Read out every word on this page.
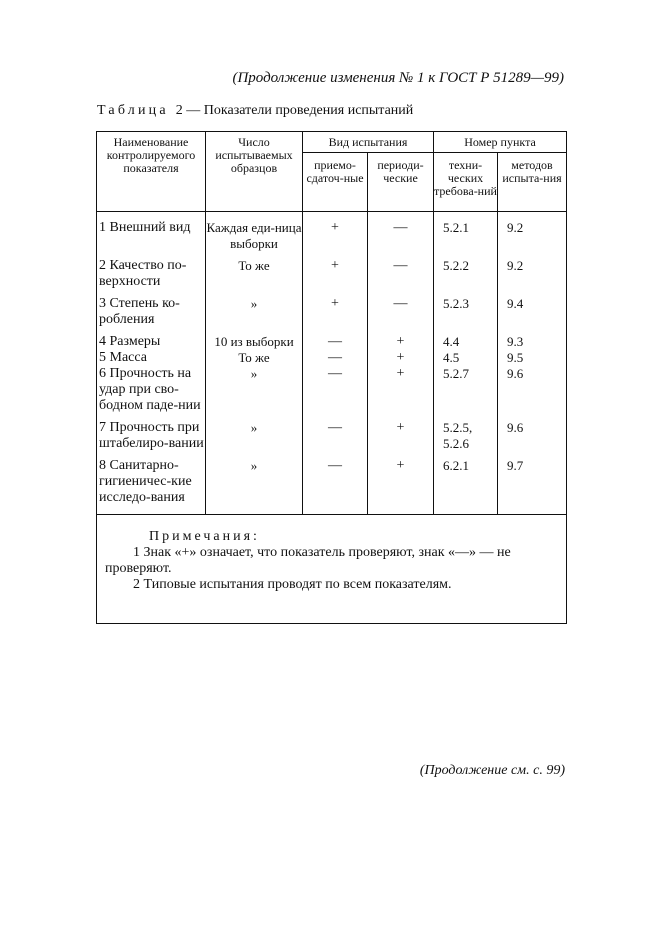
(Продолжение изменения № 1 к ГОСТ Р 51289—99)
Таблица 2 — Показатели проведения испытаний
Наименование контролируемого показателя	Число испытываемых образцов	Вид испытания		Номер пункта	
		приемо-сдаточ-ные	периоди-ческие	техни-ческих требова-ний	методов испыта-ния
1 Внешний вид	Каждая еди-ница выборки	+	—	5.2.1	9.2
2 Качество по-верхности	То же	+	—	5.2.2	9.2
3 Степень ко-робления	»	+	—	5.2.3	9.4
4 Размеры	10 из выборки	—	+	4.4	9.3
5 Масса	То же	—	+	4.5	9.5
6 Прочность на удар при сво-бодном паде-нии	»	—	+	5.2.7	9.6
7 Прочность при штабелиро-вании	»	—	+	5.2.5, 5.2.6	9.6
8 Санитарно-гигиеничес-кие исследо-вания	»	—	+	6.2.1	9.7

Примечания:
1 Знак «+» означает, что показатель проверяют, знак «—» — не проверяют.
2 Типовые испытания проводят по всем показателям.					
(Продолжение см. с. 99)
